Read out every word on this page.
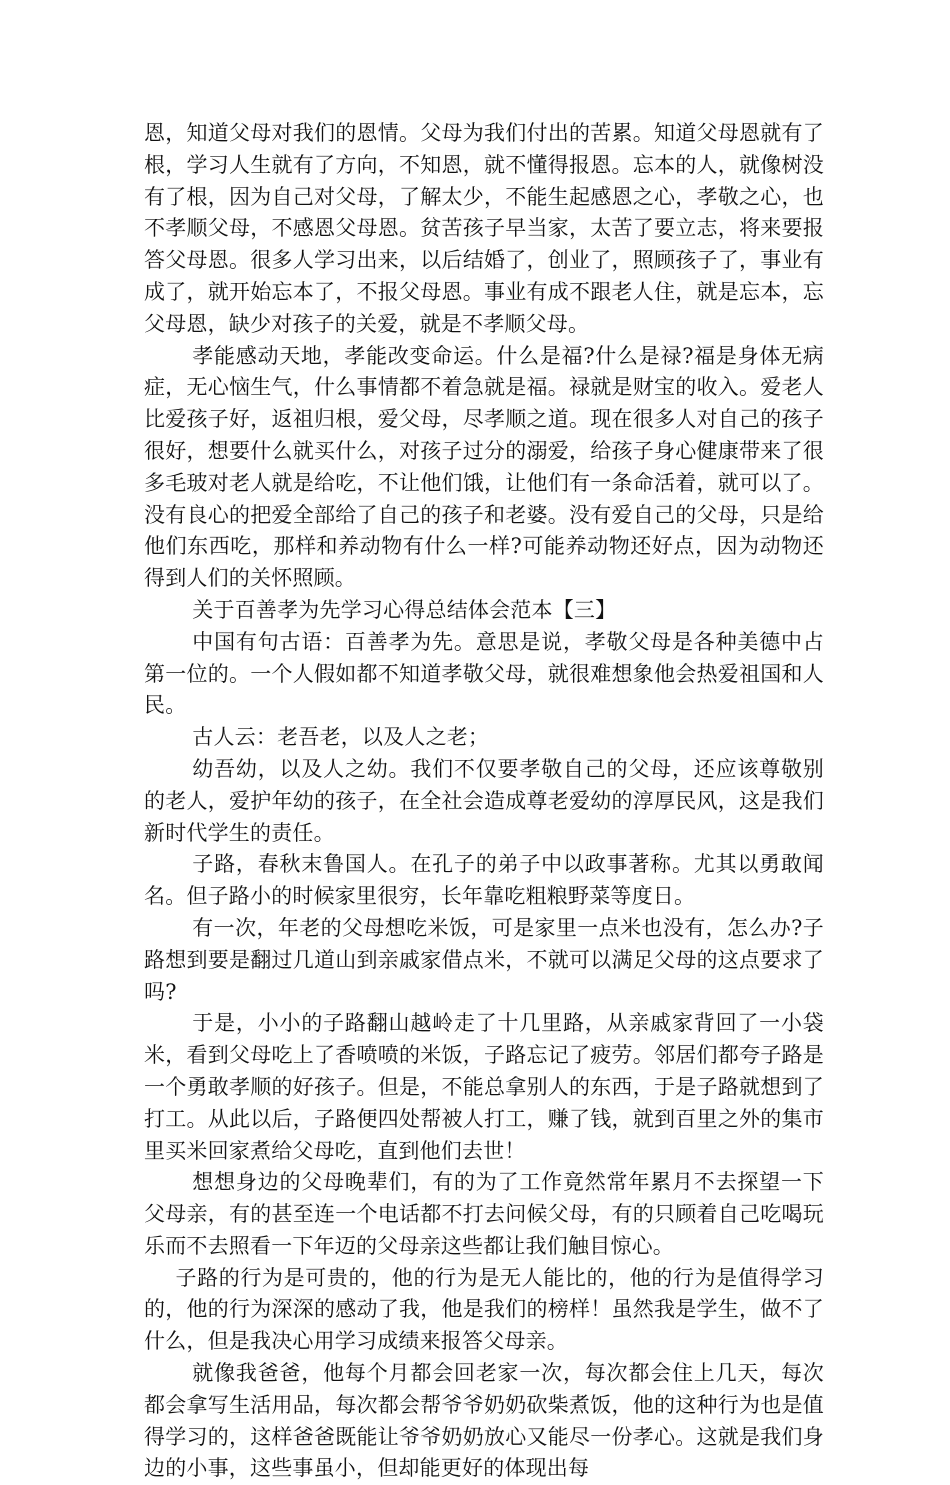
恩，知道父母对我们的恩情。父母为我们付出的苦累。知道父母恩就有了根，学习人生就有了方向，不知恩，就不懂得报恩。忘本的人，就像树没有了根，因为自己对父母，了解太少，不能生起感恩之心，孝敬之心，也不孝顺父母，不感恩父母恩。贫苦孩子早当家，太苦了要立志，将来要报答父母恩。很多人学习出来，以后结婚了，创业了，照顾孩子了，事业有成了，就开始忘本了，不报父母恩。事业有成不跟老人住，就是忘本，忘父母恩，缺少对孩子的关爱，就是不孝顺父母。

孝能感动天地，孝能改变命运。什么是福?什么是禄?福是身体无病症，无心恼生气，什么事情都不着急就是福。禄就是财宝的收入。爱老人比爱孩子好，返祖归根，爱父母，尽孝顺之道。现在很多人对自己的孩子很好，想要什么就买什么，对孩子过分的溺爱，给孩子身心健康带来了很多毛玻对老人就是给吃，不让他们饿，让他们有一条命活着，就可以了。没有良心的把爱全部给了自己的孩子和老婆。没有爱自己的父母，只是给他们东西吃，那样和养动物有什么一样?可能养动物还好点，因为动物还得到人们的关怀照顾。

关于百善孝为先学习心得总结体会范本【三】

中国有句古语：百善孝为先。意思是说，孝敬父母是各种美德中占第一位的。一个人假如都不知道孝敬父母，就很难想象他会热爱祖国和人民。

古人云：老吾老，以及人之老；

幼吾幼，以及人之幼。我们不仅要孝敬自己的父母，还应该尊敬别的老人，爱护年幼的孩子，在全社会造成尊老爱幼的淳厚民风，这是我们新时代学生的责任。

子路，春秋末鲁国人。在孔子的弟子中以政事著称。尤其以勇敢闻名。但子路小的时候家里很穷，长年靠吃粗粮野菜等度日。

有一次，年老的父母想吃米饭，可是家里一点米也没有，怎么办?子路想到要是翻过几道山到亲戚家借点米，不就可以满足父母的这点要求了吗?

于是，小小的子路翻山越岭走了十几里路，从亲戚家背回了一小袋米，看到父母吃上了香喷喷的米饭，子路忘记了疲劳。邻居们都夸子路是一个勇敢孝顺的好孩子。但是，不能总拿别人的东西，于是子路就想到了打工。从此以后，子路便四处帮被人打工，赚了钱，就到百里之外的集市里买米回家煮给父母吃，直到他们去世！

想想身边的父母晚辈们，有的为了工作竟然常年累月不去探望一下父母亲，有的甚至连一个电话都不打去问候父母，有的只顾着自己吃喝玩乐而不去照看一下年迈的父母亲这些都让我们触目惊心。

子路的行为是可贵的，他的行为是无人能比的，他的行为是值得学习的，他的行为深深的感动了我，他是我们的榜样！虽然我是学生，做不了什么，但是我决心用学习成绩来报答父母亲。

就像我爸爸，他每个月都会回老家一次，每次都会住上几天，每次都会拿写生活用品，每次都会帮爷爷奶奶砍柴煮饭，他的这种行为也是值得学习的，这样爸爸既能让爷爷奶奶放心又能尽一份孝心。这就是我们身边的小事，这些事虽小，但却能更好的体现出每
